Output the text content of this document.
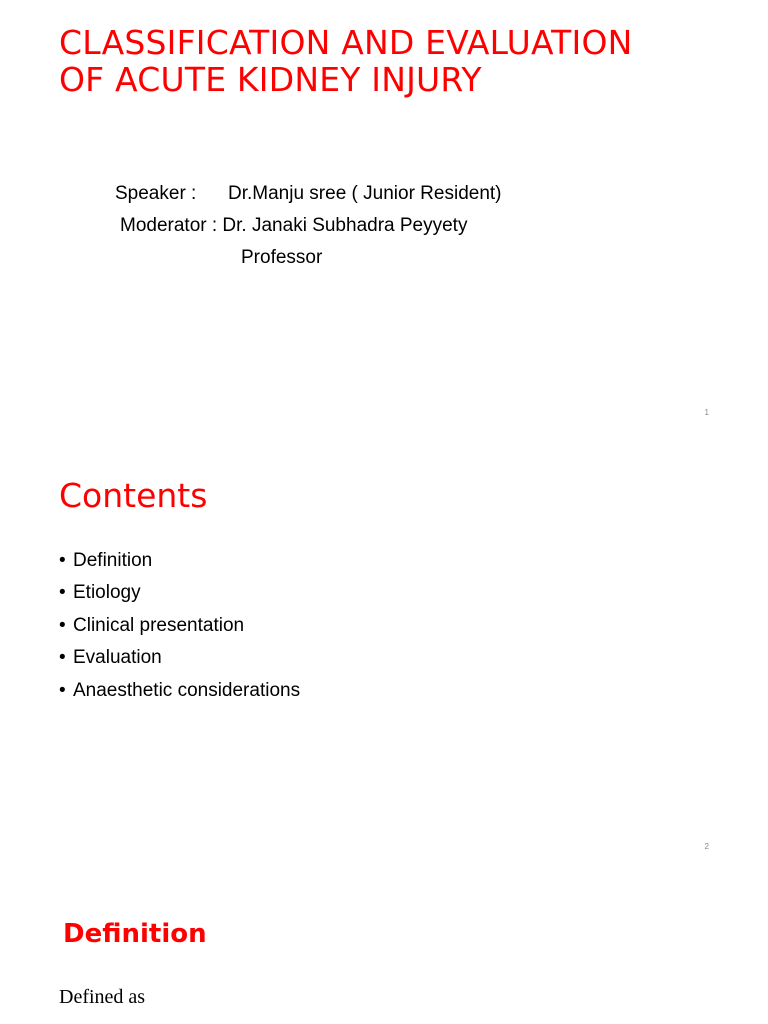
CLASSIFICATION AND EVALUATION
OF ACUTE KIDNEY INJURY
Speaker : Dr.Manju sree ( Junior Resident)
Moderator : Dr. Janaki Subhadra Peyyety
Professor
1
Contents
• Definition
• Etiology
• Clinical presentation
• Evaluation
• Anaesthetic considerations
2
Definition
Defined as
